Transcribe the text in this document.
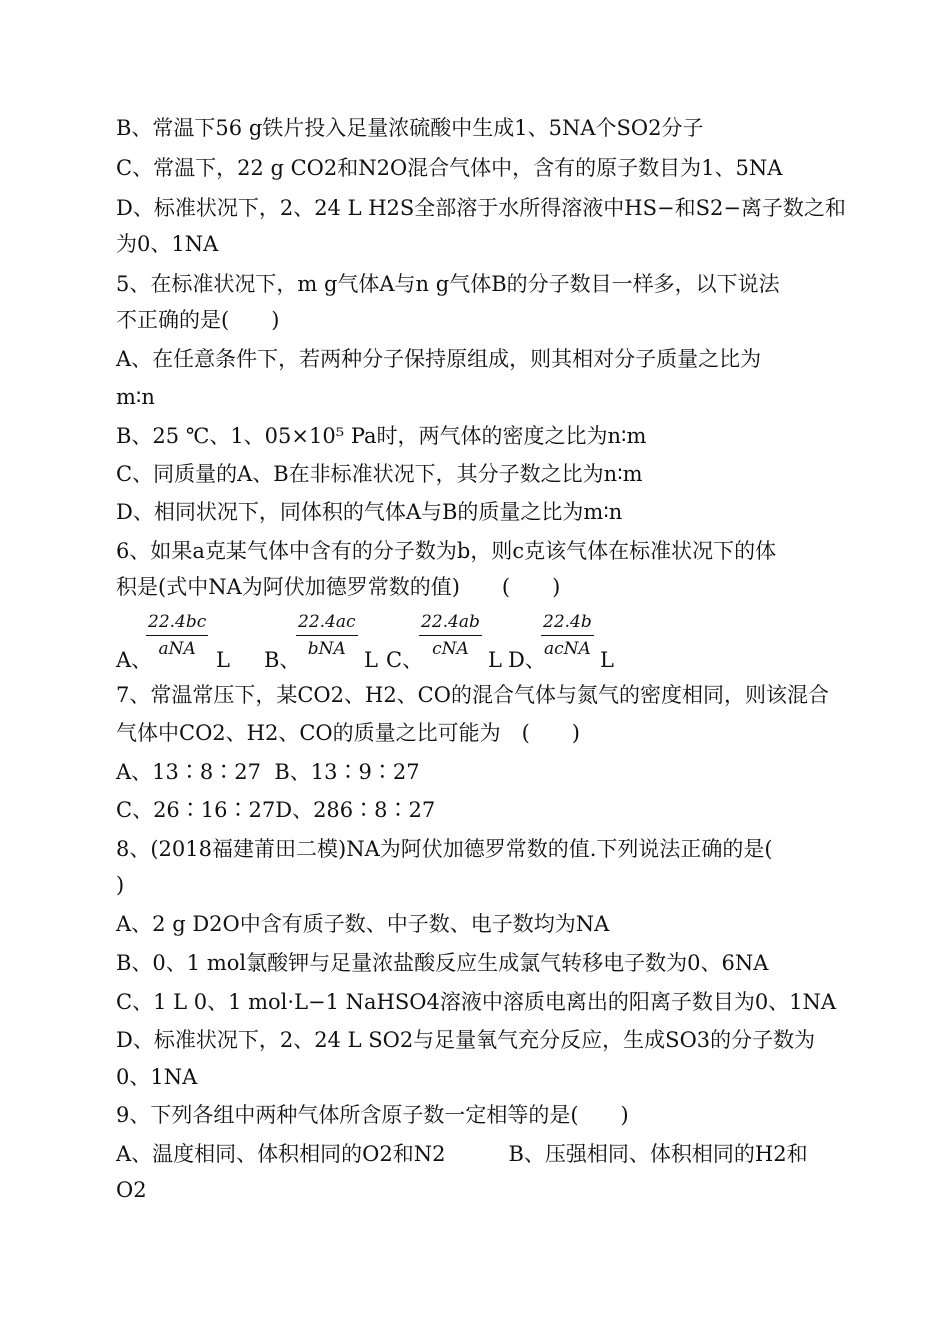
B、常温下56 g铁片投入足量浓硫酸中生成1、5NA个SO2分子
C、常温下，22 g CO2和N2O混合气体中，含有的原子数目为1、5NA
D、标准状况下，2、24 L H2S全部溶于水所得溶液中HS−和S2−离子数之和
为0、1NA
5、在标准状况下，m g气体A与n g气体B的分子数目一样多，以下说法
不正确的是(　　)
A、在任意条件下，若两种分子保持原组成，则其相对分子质量之比为
m∶n
B、25 ℃、1、05×10⁵ Pa时，两气体的密度之比为n∶m
C、同质量的A、B在非标准状况下，其分子数之比为n∶m
D、相同状况下，同体积的气体A与B的质量之比为m∶n
6、如果a克某气体中含有的分子数为b，则c克该气体在标准状况下的体
积是(式中NA为阿伏加德罗常数的值)　　(　　)
A、
22.4bc
aNA L B、
22.4ac
bNA L C、
22.4ab
cNA L D、
22.4b
acNA L
7、常温常压下，某CO2、H2、CO的混合气体与氮气的密度相同，则该混合
气体中CO2、H2、CO的质量之比可能为　(　　)
A、13∶8∶27  B、13∶9∶27
C、26∶16∶27D、286∶8∶27
8、(2018福建莆田二模)NA为阿伏加德罗常数的值.下列说法正确的是(
)
A、2 g D2O中含有质子数、中子数、电子数均为NA
B、0、1 mol氯酸钾与足量浓盐酸反应生成氯气转移电子数为0、6NA
C、1 L 0、1 mol·L−1 NaHSO4溶液中溶质电离出的阳离子数目为0、1NA
D、标准状况下，2、24 L SO2与足量氧气充分反应，生成SO3的分子数为
0、1NA
9、下列各组中两种气体所含原子数一定相等的是(　　)
A、温度相同、体积相同的O2和N2　　　B、压强相同、体积相同的H2和
O2
